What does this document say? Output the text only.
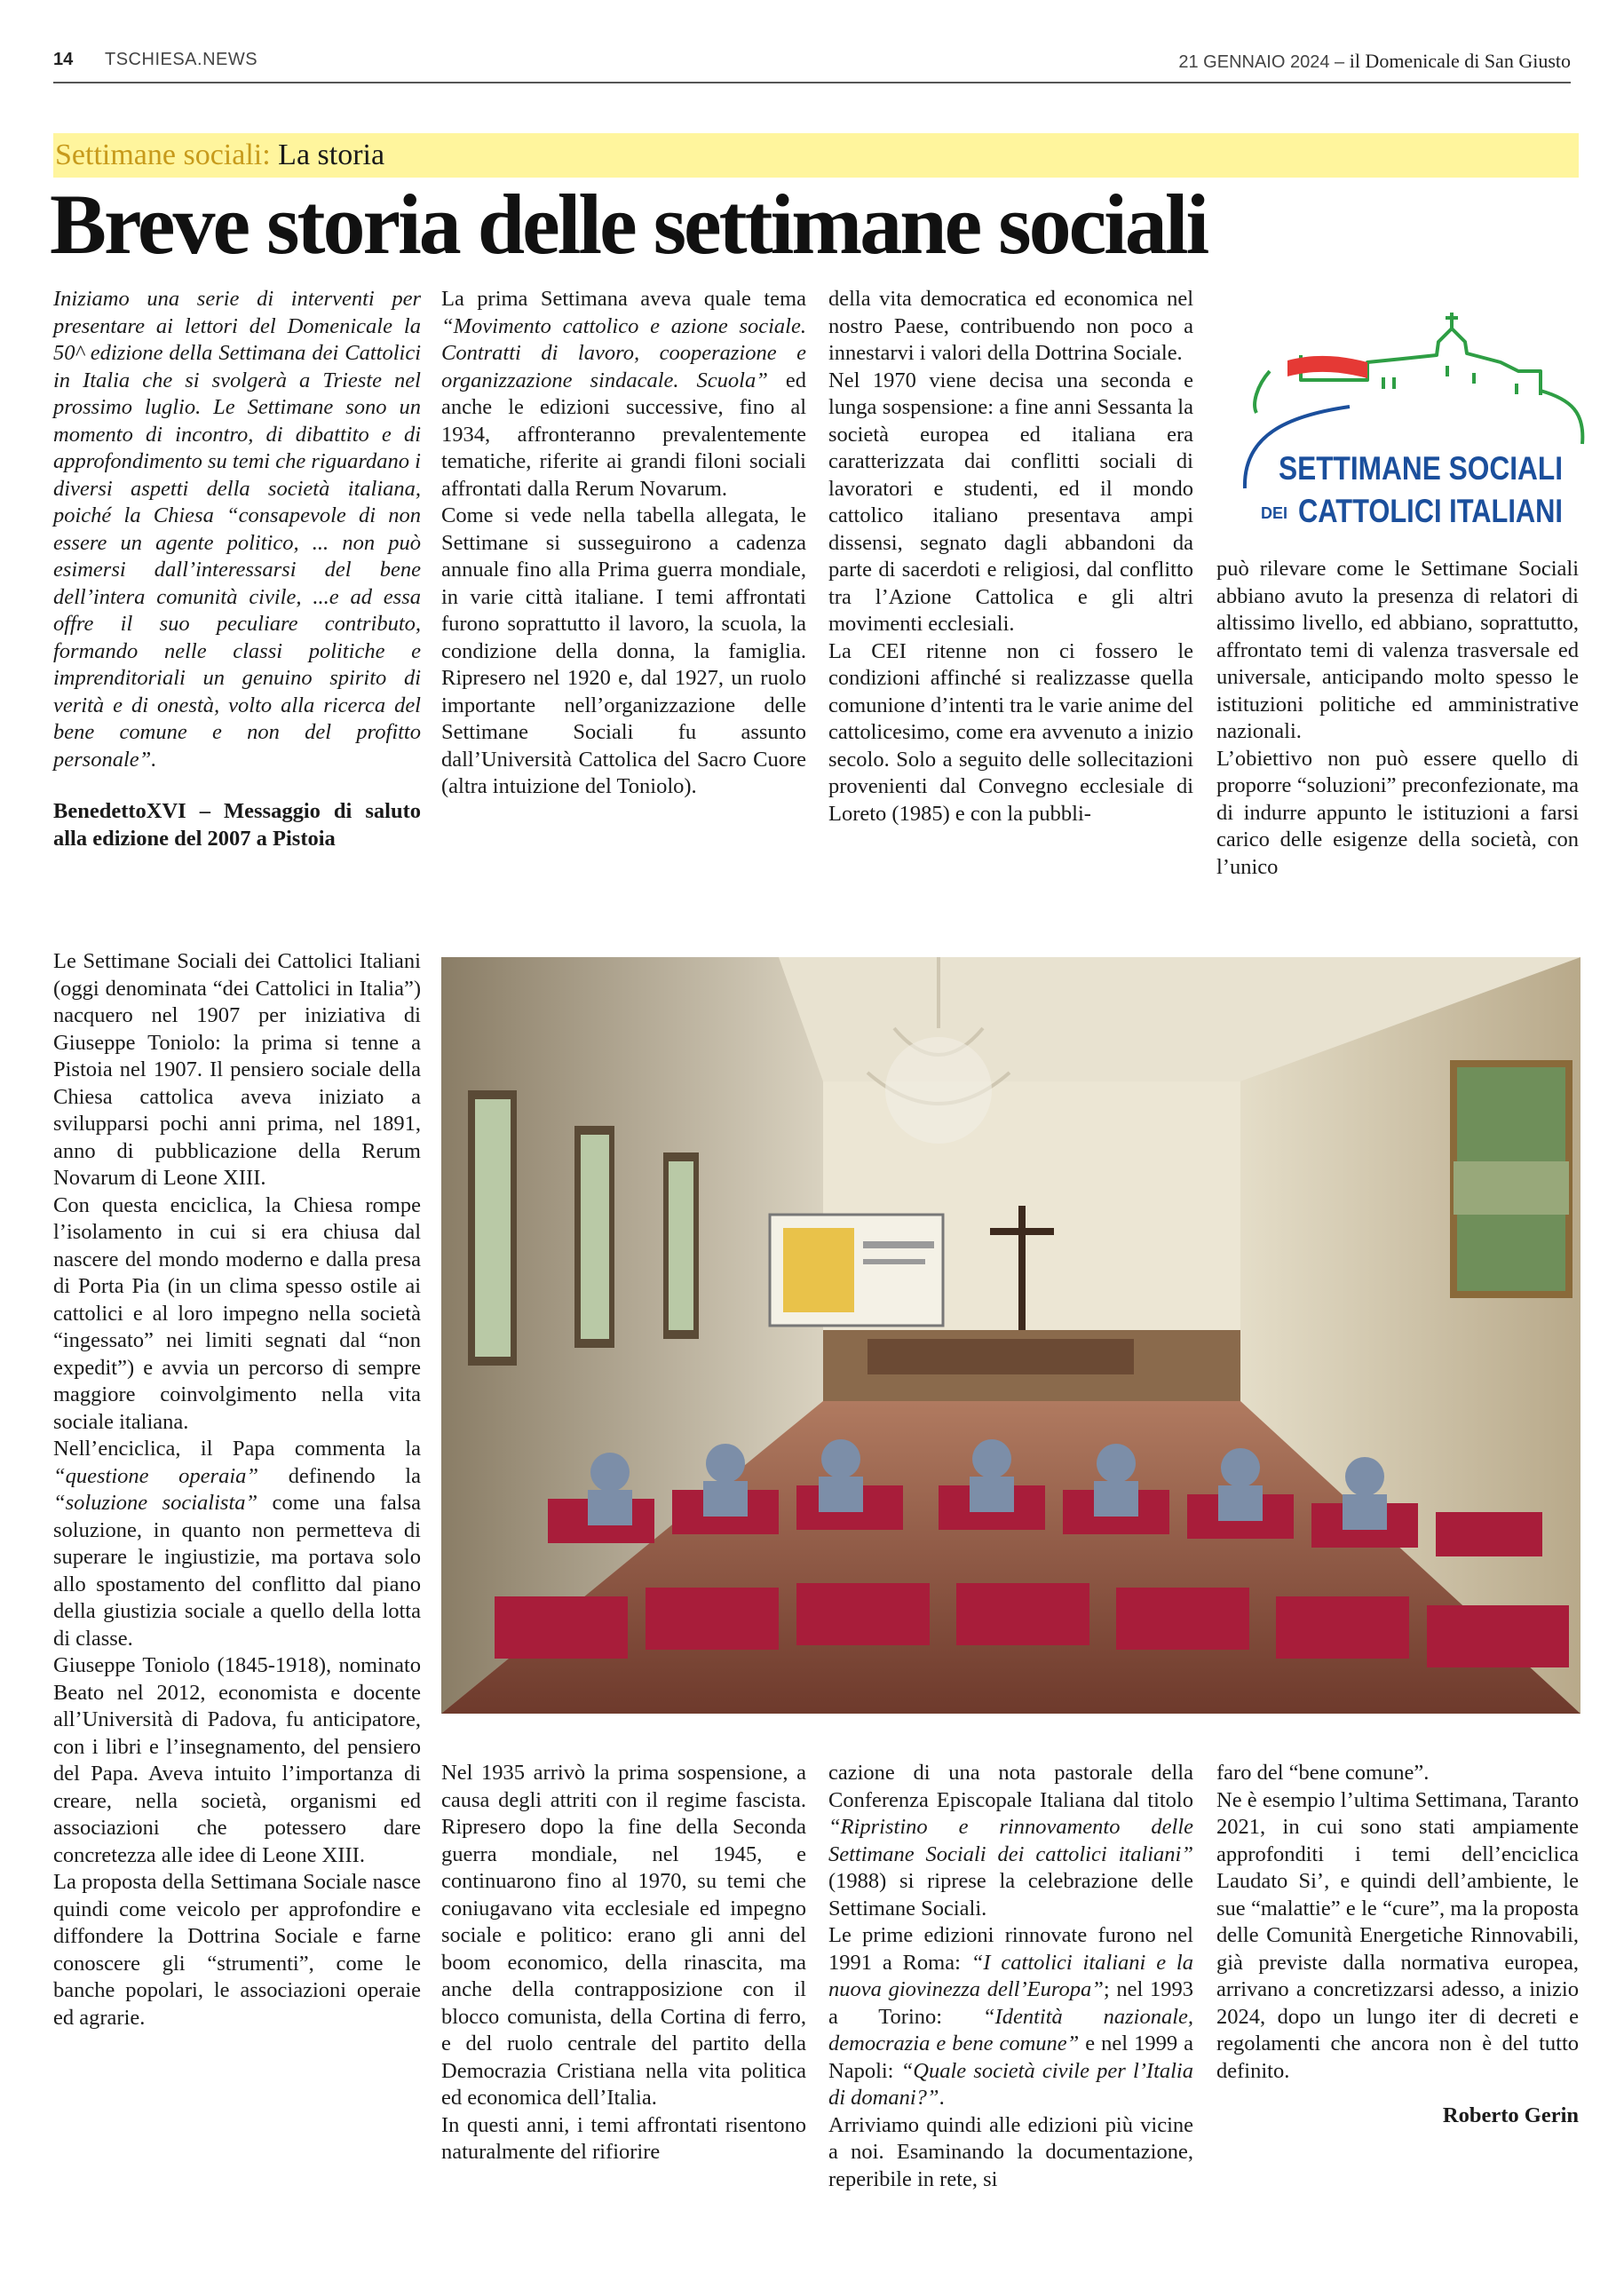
14 TSCHIESA.NEWS	21 GENNAIO 2024 – il Domenicale di San Giusto
Settimane sociali: La storia
Breve storia delle settimane sociali

Iniziamo una serie di interventi per presentare ai lettori del Domenicale la 50^ edizione della Settimana dei Cattolici in Italia che si svolgerà a Trieste nel prossimo luglio. Le Settimane sono un momento di incontro, di dibattito e di approfondimento su temi che riguardano i diversi aspetti della società italiana, poiché la Chiesa “consapevole di non essere un agente politico, ... non può esimersi dall’interessarsi del bene dell’intera comunità civile, ...e ad essa offre il suo peculiare contributo, formando nelle classi politiche e imprenditoriali un genuino spirito di verità e di onestà, volto alla ricerca del bene comune e non del profitto personale”.

BenedettoXVI – Messaggio di saluto alla edizione del 2007 a Pistoia

La prima Settimana aveva quale tema “Movimento cattolico e azione sociale. Contratti di lavoro, cooperazione e organizzazione sindacale. Scuola” ed anche le edizioni successive, fino al 1934, affronteranno prevalentemente tematiche, riferite ai grandi filoni sociali affrontati dalla Rerum Novarum.

Come si vede nella tabella allegata, le Settimane si susseguirono a cadenza annuale fino alla Prima guerra mondiale, in varie città italiane. I temi affrontati furono soprattutto il lavoro, la scuola, la condizione della donna, la famiglia. Ripresero nel 1920 e, dal 1927, un ruolo importante nell’organizzazione delle Settimane Sociali fu assunto dall’Università Cattolica del Sacro Cuore (altra intuizione del Toniolo).

della vita democratica ed economica nel nostro Paese, contribuendo non poco a innestarvi i valori della Dottrina Sociale.

Nel 1970 viene decisa una seconda e lunga sospensione: a fine anni Sessanta la società europea ed italiana era caratterizzata dai conflitti sociali di lavoratori e studenti, ed il mondo cattolico italiano presentava ampi dissensi, segnato dagli abbandoni da parte di sacerdoti e religiosi, dal conflitto tra l’Azione Cattolica e gli altri movimenti ecclesiali.

La CEI ritenne non ci fossero le condizioni affinché si realizzasse quella comunione d’intenti tra le varie anime del cattolicesimo, come era avvenuto a inizio secolo. Solo a seguito delle sollecitazioni provenienti dal Convegno ecclesiale di Loreto (1985) e con la pubbli-

SETTIMANE SOCIALI
DEI CATTOLICI ITALIANI

può rilevare come le Settimane Sociali abbiano avuto la presenza di relatori di altissimo livello, ed abbiano, soprattutto, affrontato temi di valenza trasversale ed universale, anticipando molto spesso le istituzioni politiche ed amministrative nazionali.

L’obiettivo non può essere quello di proporre “soluzioni” preconfezionate, ma di indurre appunto le istituzioni a farsi carico delle esigenze della società, con l’unico

Le Settimane Sociali dei Cattolici Italiani (oggi denominata “dei Cattolici in Italia”) nacquero nel 1907 per iniziativa di Giuseppe Toniolo: la prima si tenne a Pistoia nel 1907. Il pensiero sociale della Chiesa cattolica aveva iniziato a svilupparsi pochi anni prima, nel 1891, anno di pubblicazione della Rerum Novarum di Leone XIII.

Con questa enciclica, la Chiesa rompe l’isolamento in cui si era chiusa dal nascere del mondo moderno e dalla presa di Porta Pia (in un clima spesso ostile ai cattolici e al loro impegno nella società “ingessato” nei limiti segnati dal “non expedit”) e avvia un percorso di sempre maggiore coinvolgimento nella vita sociale italiana.

Nell’enciclica, il Papa commenta la “questione operaia” definendo la “soluzione socialista” come una falsa soluzione, in quanto non permetteva di superare le ingiustizie, ma portava solo allo spostamento del conflitto dal piano della giustizia sociale a quello della lotta di classe.

Giuseppe Toniolo (1845-1918), nominato Beato nel 2012, economista e docente all’Università di Padova, fu anticipatore, con i libri e l’insegnamento, del pensiero del Papa. Aveva intuito l’importanza di creare, nella società, organismi ed associazioni che potessero dare concretezza alle idee di Leone XIII.

La proposta della Settimana Sociale nasce quindi come veicolo per approfondire e diffondere la Dottrina Sociale e farne conoscere gli “strumenti”, come le banche popolari, le associazioni operaie ed agrarie.

Nel 1935 arrivò la prima sospensione, a causa degli attriti con il regime fascista. Ripresero dopo la fine della Seconda guerra mondiale, nel 1945, e continuarono fino al 1970, su temi che coniugavano vita ecclesiale ed impegno sociale e politico: erano gli anni del boom economico, della rinascita, ma anche della contrapposizione con il blocco comunista, della Cortina di ferro, e del ruolo centrale del partito della Democrazia Cristiana nella vita politica ed economica dell’Italia.

In questi anni, i temi affrontati risentono naturalmente del rifiorire

cazione di una nota pastorale della Conferenza Episcopale Italiana dal titolo “Ripristino e rinnovamento delle Settimane Sociali dei cattolici italiani” (1988) si riprese la celebrazione delle Settimane Sociali.

Le prime edizioni rinnovate furono nel 1991 a Roma: “I cattolici italiani e la nuova giovinezza dell’Europa”; nel 1993 a Torino: “Identità nazionale, democrazia e bene comune” e nel 1999 a Napoli: “Quale società civile per l’Italia di domani?”.

Arriviamo quindi alle edizioni più vicine a noi. Esaminando la documentazione, reperibile in rete, si

faro del “bene comune”.

Ne è esempio l’ultima Settimana, Taranto 2021, in cui sono stati ampiamente approfonditi i temi dell’enciclica Laudato Si’, e quindi dell’ambiente, le sue “malattie” e le “cure”, ma la proposta delle Comunità Energetiche Rinnovabili, già previste dalla normativa europea, arrivano a concretizzarsi adesso, a inizio 2024, dopo un lungo iter di decreti e regolamenti che ancora non è del tutto definito.

Roberto Gerin
